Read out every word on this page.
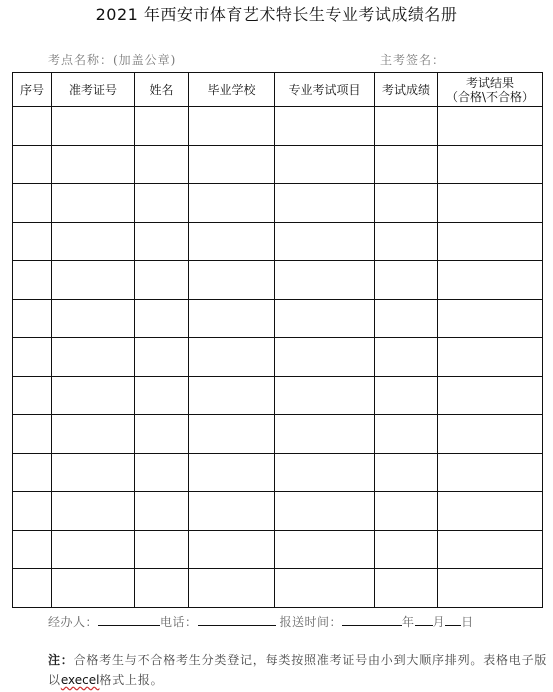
2021 年西安市体育艺术特长生专业考试成绩名册
考点名称：(加盖公章)	主考签名：
序号	准考证号	姓名	毕业学校	专业考试项目	考试成绩	考试结果
（合格\不合格）

经办人：	电话：	报送时间：	年 月 日
注：合格考生与不合格考生分类登记，每类按照准考证号由小到大顺序排列。表格电子版以execel格式上报。
